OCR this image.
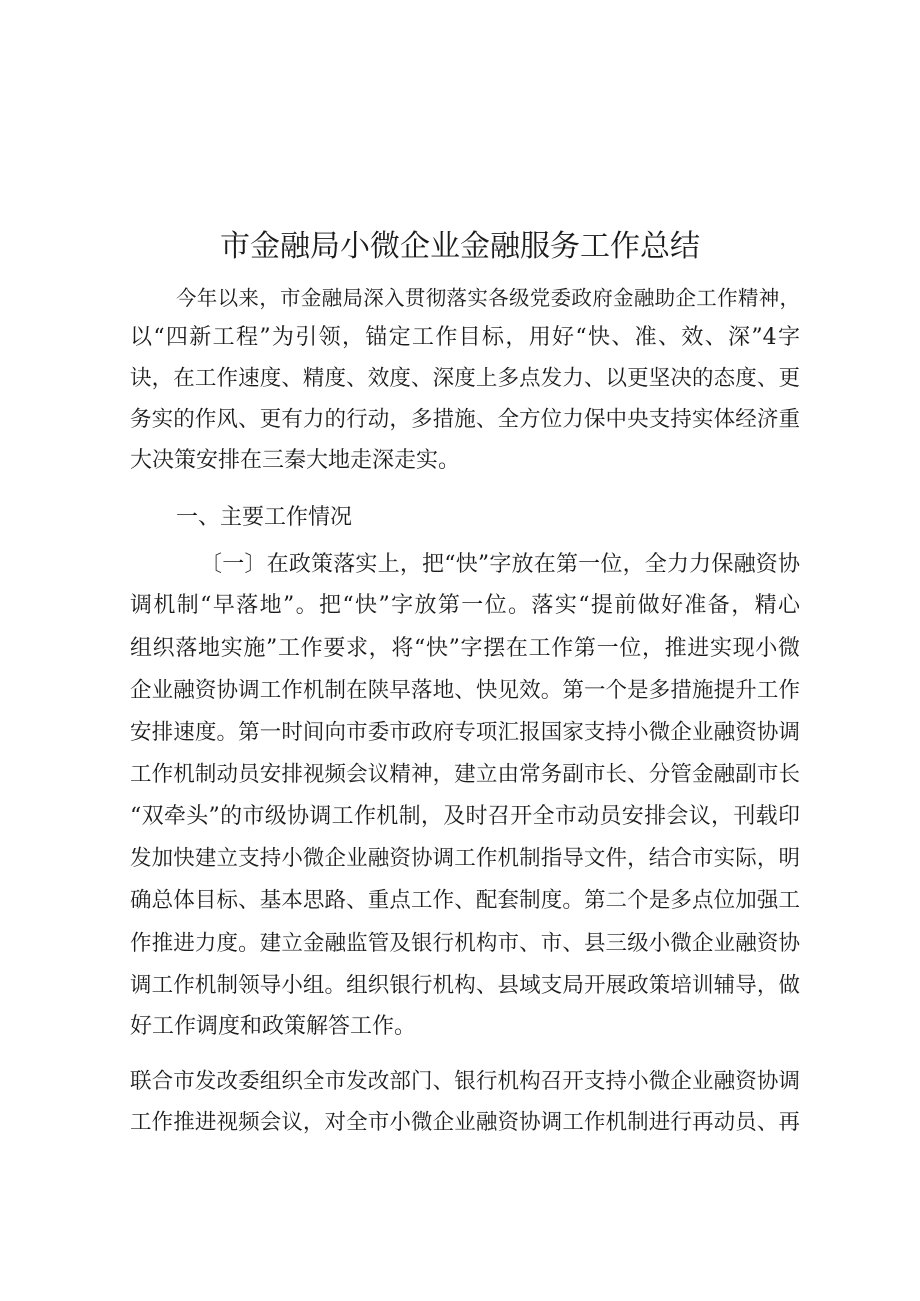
市金融局小微企业金融服务工作总结
今年以来，市金融局深入贯彻落实各级党委政府金融助企工作精神，
以“四新工程”为引领，锚定工作目标，用好“快、准、效、深”4字
诀，在工作速度、精度、效度、深度上多点发力、以更坚决的态度、更
务实的作风、更有力的行动，多措施、全方位力保中央支持实体经济重
大决策安排在三秦大地走深走实。
一、主要工作情况
〔一〕在政策落实上，把“快”字放在第一位，全力力保融资协
调机制“早落地”。把“快”字放第一位。落实“提前做好准备，精心
组织落地实施”工作要求，将“快”字摆在工作第一位，推进实现小微
企业融资协调工作机制在陕早落地、快见效。第一个是多措施提升工作
安排速度。第一时间向市委市政府专项汇报国家支持小微企业融资协调
工作机制动员安排视频会议精神，建立由常务副市长、分管金融副市长
“双牵头”的市级协调工作机制，及时召开全市动员安排会议，刊载印
发加快建立支持小微企业融资协调工作机制指导文件，结合市实际，明
确总体目标、基本思路、重点工作、配套制度。第二个是多点位加强工
作推进力度。建立金融监管及银行机构市、市、县三级小微企业融资协
调工作机制领导小组。组织银行机构、县域支局开展政策培训辅导，做
好工作调度和政策解答工作。
联合市发改委组织全市发改部门、银行机构召开支持小微企业融资协调
工作推进视频会议，对全市小微企业融资协调工作机制进行再动员、再
